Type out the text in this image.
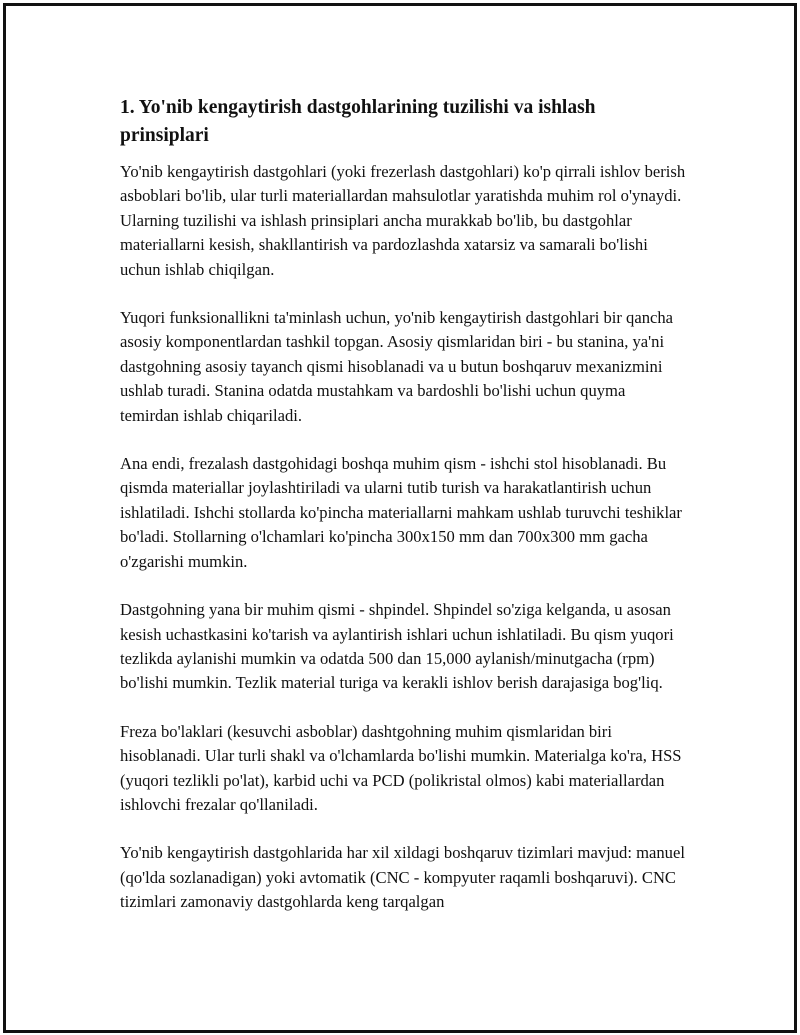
1. Yo'nib kengaytirish dastgohlarining tuzilishi va ishlash prinsiplari

Yo'nib kengaytirish dastgohlari (yoki frezerlash dastgohlari) ko'p qirrali ishlov berish asboblari bo'lib, ular turli materiallardan mahsulotlar yaratishda muhim rol o'ynaydi. Ularning tuzilishi va ishlash prinsiplari ancha murakkab bo'lib, bu dastgohlar materiallarni kesish, shakllantirish va pardozlashda xatarsiz va samarali bo'lishi uchun ishlab chiqilgan.

Yuqori funksionallikni ta'minlash uchun, yo'nib kengaytirish dastgohlari bir qancha asosiy komponentlardan tashkil topgan. Asosiy qismlaridan biri - bu stanina, ya'ni dastgohning asosiy tayanch qismi hisoblanadi va u butun boshqaruv mexanizmini ushlab turadi. Stanina odatda mustahkam va bardoshli bo'lishi uchun quyma temirdan ishlab chiqariladi.

Ana endi, frezalash dastgohidagi boshqa muhim qism - ishchi stol hisoblanadi. Bu qismda materiallar joylashtiriladi va ularni tutib turish va harakatlantirish uchun ishlatiladi. Ishchi stollarda ko'pincha materiallarni mahkam ushlab turuvchi teshiklar bo'ladi. Stollarning o'lchamlari ko'pincha 300x150 mm dan 700x300 mm gacha o'zgarishi mumkin.

Dastgohning yana bir muhim qismi - shpindel. Shpindel so'ziga kelganda, u asosan kesish uchastkasini ko'tarish va aylantirish ishlari uchun ishlatiladi. Bu qism yuqori tezlikda aylanishi mumkin va odatda 500 dan 15,000 aylanish/minutgacha (rpm) bo'lishi mumkin. Tezlik material turiga va kerakli ishlov berish darajasiga bog'liq.

Freza bo'laklari (kesuvchi asboblar) dashtgohning muhim qismlaridan biri hisoblanadi. Ular turli shakl va o'lchamlarda bo'lishi mumkin. Materialga ko'ra, HSS (yuqori tezlikli po'lat), karbid uchi va PCD (polikristal olmos) kabi materiallardan ishlovchi frezalar qo'llaniladi.

Yo'nib kengaytirish dastgohlarida har xil xildagi boshqaruv tizimlari mavjud: manuel (qo'lda sozlanadigan) yoki avtomatik (CNC - kompyuter raqamli boshqaruvi). CNC tizimlari zamonaviy dastgohlarda keng tarqalgan
